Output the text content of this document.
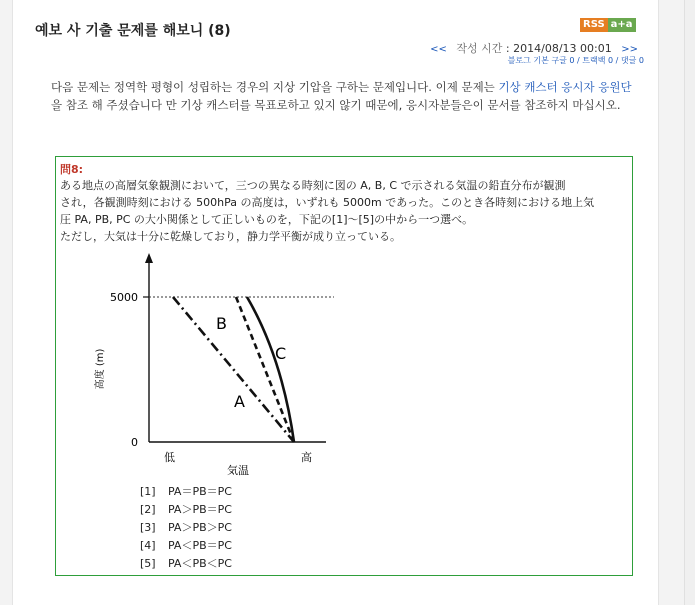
예보 사 기출 문제를 해보니 (8)	RSS a+a
<< 작성 시간 : 2014/08/13 00:01 >>
블로그 기본 구글 0 / 트랙백 0 / 댓글 0
다음 문제는 정역학 평형이 성립하는 경우의 지상 기압을 구하는 문제입니다. 이제 문제는 기상 캐스터 응시자 응원단 을 참조 해 주셨습니다 만 기상 캐스터를 목표로하고 있지 않기 때문에, 응시자분들은이 문서를 참조하지 마십시오.
問8:
ある地点の高層気象観測において，三つの異なる時刻に図の A, B, C で示される気温の鉛直分布が観測
され，各観測時刻における 500hPa の高度は，いずれも 5000m であった。このとき各時刻における地上気
圧 PA, PB, PC の大小関係として正しいものを，下記の[1]～[5]の中から一つ選べ。
ただし，大気は十分に乾燥しており，静力学平衡が成り立っている。
5000
0
高度 (m)
B
C
A
低	高
気温
[1]	PA＝PB＝PC
[2]	PA＞PB＝PC
[3]	PA＞PB＞PC
[4]	PA＜PB＝PC
[5]	PA＜PB＜PC
